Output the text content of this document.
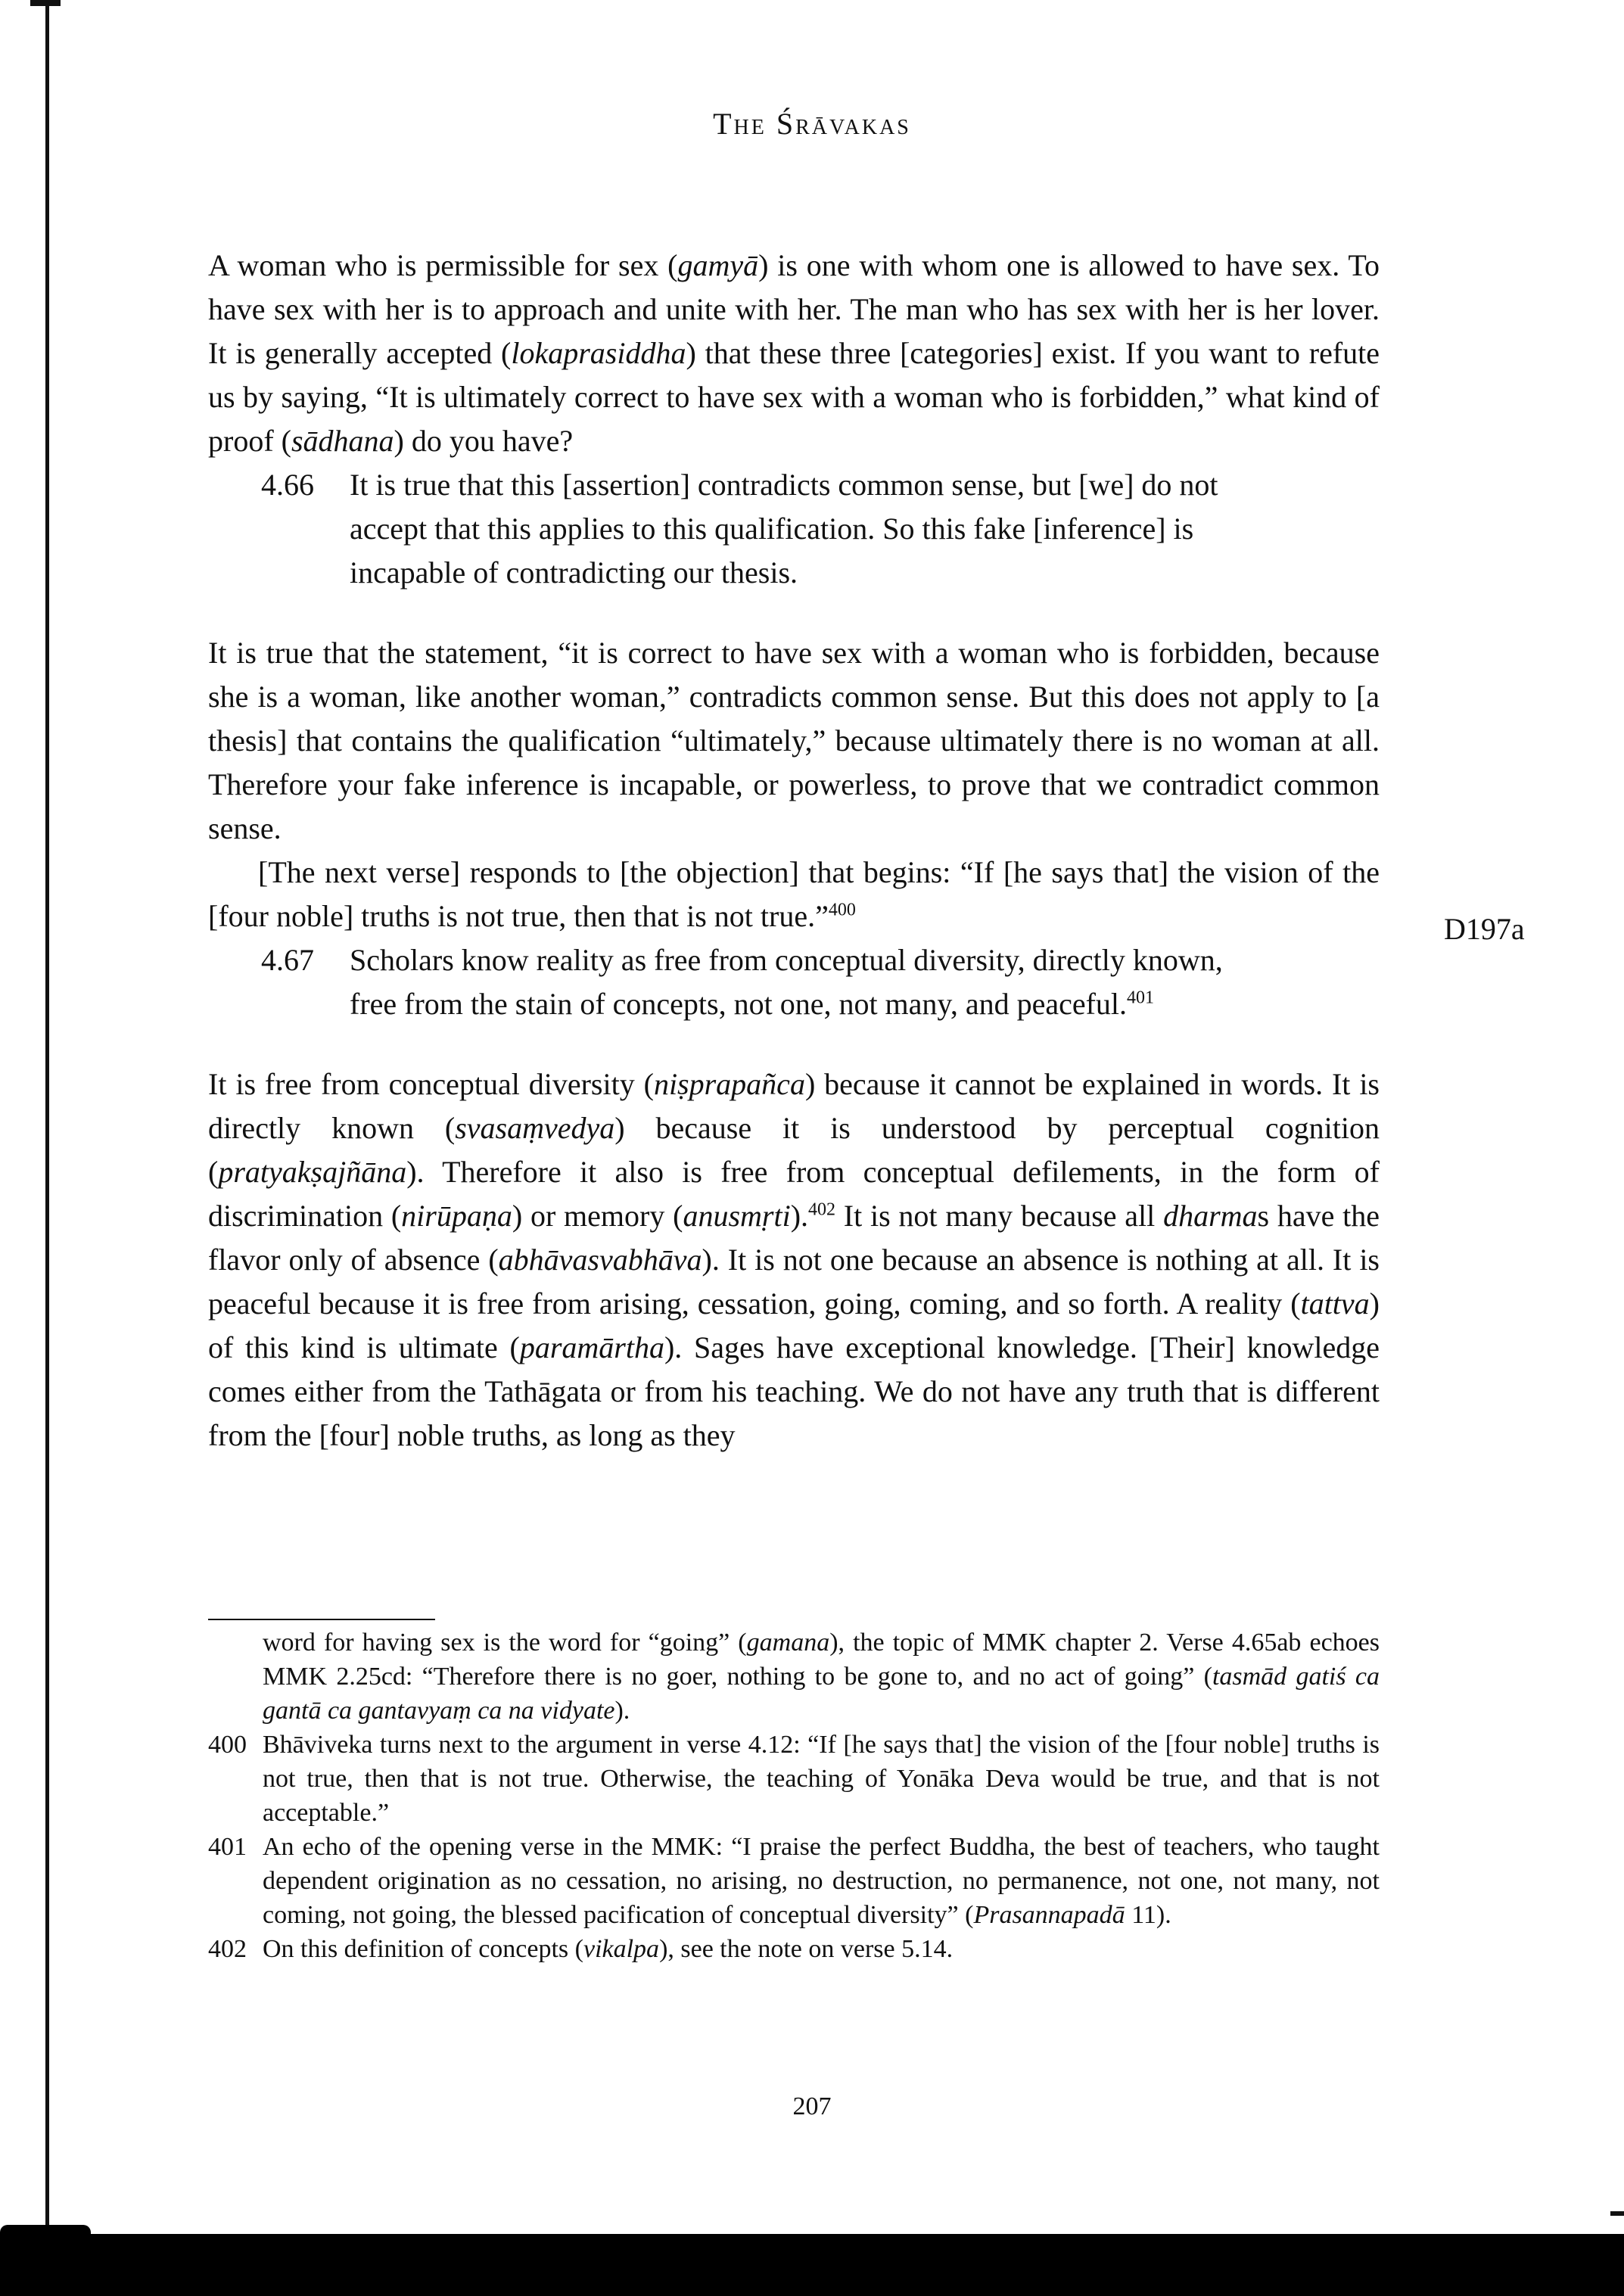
The Śrāvakas

A woman who is permissible for sex (gamyā) is one with whom one is allowed to have sex. To have sex with her is to approach and unite with her. The man who has sex with her is her lover. It is generally accepted (lokaprasiddha) that these three [categories] exist. If you want to refute us by saying, “It is ultimately correct to have sex with a woman who is forbidden,” what kind of proof (sādhana) do you have?

4.66	It is true that this [assertion] contradicts common sense, but [we] do not accept that this applies to this qualification. So this fake [inference] is incapable of contradicting our thesis.

It is true that the statement, “it is correct to have sex with a woman who is forbidden, because she is a woman, like another woman,” contradicts common sense. But this does not apply to [a thesis] that contains the qualification “ultimately,” because ultimately there is no woman at all. Therefore your fake inference is incapable, or powerless, to prove that we contradict common sense.

[The next verse] responds to [the objection] that begins: “If [he says that] the vision of the [four noble] truths is not true, then that is not true.”$^{400}$

4.67	Scholars know reality as free from conceptual diversity, directly known, free from the stain of concepts, not one, not many, and peaceful.$^{401}$

It is free from conceptual diversity (niṣprapañca) because it cannot be explained in words. It is directly known (svasaṃvedya) because it is understood by perceptual cognition (pratyakṣajñāna). Therefore it also is free from conceptual defilements, in the form of discrimination (nirūpaṇa) or memory (anusmṛti).$^{402}$ It is not many because all dharmas have the flavor only of absence (abhāvasvabhāva). It is not one because an absence is nothing at all. It is peaceful because it is free from arising, cessation, going, coming, and so forth. A reality (tattva) of this kind is ultimate (paramārtha). Sages have exceptional knowledge. [Their] knowledge comes either from the Tathāgata or from his teaching. We do not have any truth that is different from the [four] noble truths, as long as they

D197a
word for having sex is the word for “going” (gamana), the topic of MMK chapter 2. Verse 4.65ab echoes MMK 2.25cd: “Therefore there is no goer, nothing to be gone to, and no act of going” (tasmād gatiś ca gantā ca gantavyaṃ ca na vidyate).
400 Bhāviveka turns next to the argument in verse 4.12: “If [he says that] the vision of the [four noble] truths is not true, then that is not true. Otherwise, the teaching of Yonāka Deva would be true, and that is not acceptable.”
401 An echo of the opening verse in the MMK: “I praise the perfect Buddha, the best of teachers, who taught dependent origination as no cessation, no arising, no destruction, no permanence, not one, not many, not coming, not going, the blessed pacification of conceptual diversity” (Prasannapadā 11).
402 On this definition of concepts (vikalpa), see the note on verse 5.14.
207
